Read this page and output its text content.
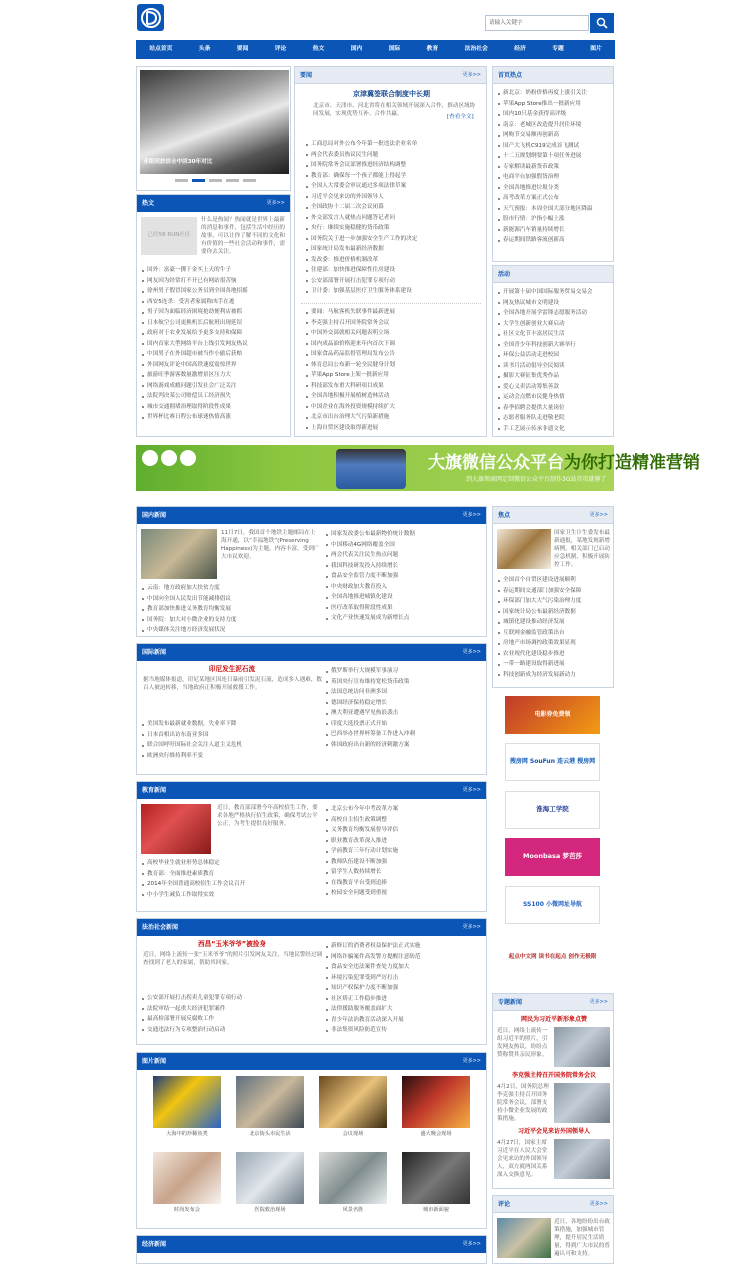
请输入关键字
站点首页	头条	要闻	评论	热文	国内	国际	教育	法治社会	经济	专题	图片
亚组同放信全中回30年对比
热文	更多>>
已经58 RUN社区
什么是热闻？热闻就是世界上最新的消息和事件，包括生活中经历的故事，可以让你了解不同的文化和有价值的一些社会活动和事件，需要你去关注。
国外：富豪一掷千金买上天的牛子
网友因为经常打不开已有网站很苦恼
徐州男子假冒国家公务员到全国各地招摇
西安5连杀：受害者家属称凶手在逃
男子因为面临经济困境抢劫便利店被抓
日本航空公司更换机长后航班出现延误
政府对于农业发展给予更多支持和保障
国内首家大型网络平台上线引发网友热议
中国男子在外国超市被当作小偷后获赔
外国网友评论中国高铁速度震惊世界
旅游旺季游客数量激增景区压力大
网络游戏成瘾问题引发社会广泛关注
法院判决某公司赔偿员工经济损失
城市交通拥堵治理取得阶段性成果
世界杯比赛日程公布球迷热情高涨
要闻	更多>>
京津冀签联合制度中长期
北京市、天津市、河北省将在相关领域开展深入合作，推动区域协同发展，实现优势互补、合作共赢。	[查看全文]
工商总局对外公布今年第一批违法企业名单
两会代表委员热议民生问题
国务院常务会议部署推进经济结构调整
教育部：确保每一个孩子都能上得起学
全国人大常委会审议通过多项法律草案
习近平会见来访的外国领导人
全国政协十二届二次会议闭幕
外交部发言人就热点问题答记者问
央行：继续实施稳健的货币政策
国务院关于进一步加强安全生产工作的决定
国家统计局发布最新经济数据
发改委：推进价格机制改革
住建部：加快推进保障性住房建设
公安部部署开展打击犯罪专项行动
卫计委：加强基层医疗卫生服务体系建设
要闻：马航客机失联事件最新进展
李克强主持召开国务院常务会议
中国外交部就相关问题表明立场
国内成品油价格迎来年内首次下调
国家食品药品监督管理局发布公告
体育总局公布新一轮全民健身计划
苹果App Store上架一批新应用
科技部发布重大科研项目成果
全国各地积极开展植树造林活动
中国企业在海外投资规模持续扩大
北京市出台治理大气污染新措施
上海自贸区建设取得新进展
首页热点
新北京：奶粉价格再度上涨引关注
苹果App Store推出一批新应用
国内10只基金获得高评级
南京：老城区改造提升居住环境
网购节交易额再创新高
国产大飞机C919完成首飞测试
十二五规划纲要第十项任务进展
专家解读最新货币政策
电商平台加强假货治理
全国各地推进垃圾分类
高考改革方案正式公布
天气预报：本周全国大部分地区降温
股市行情：沪指小幅上涨
新能源汽车销量持续增长
春运期间铁路客流创新高
活动
开展第十届中国国际服务贸易交易会
网友热议城市文明建设
全国各地开展学雷锋志愿服务活动
大学生创新创业大赛启动
社区文化节丰富居民生活
全国青少年科技创新大赛举行
环保公益活动走进校园
读书月活动倡导全民阅读
摄影大赛征集优秀作品
爱心义卖活动筹集善款
运动会点燃市民健身热情
春季招聘会提供大量岗位
志愿者服务队走进敬老院
手工艺展示传承非遗文化
大旗微信公众平台为你打造精准营销
到大旗领商网定制微信公众平台制作3G站首页就够了
国内新闻	更多>>
11月7日，我国首个地铁主题邮局在上海开通，以“幸福地铁”(Preserving Happiness)为主题，内容丰富，受到广大市民欢迎。
云南：地方政府加大扶贫力度
中国向全国人民发出节能减排倡议
教育部加快推进义务教育均衡发展
国务院：加大对小微企业的支持力度
中央媒体关注地方经济发展状况
国家发改委公布最新物价统计数据
中国移动4G网络覆盖全国
两会代表关注民生热点问题
我国科技研发投入持续增长
食品安全监管力度不断加强
中央财政加大教育投入
全国各地推进城镇化建设
医疗改革取得阶段性成果
文化产业快速发展成为新增长点
国际新闻	更多>>
印尼发生泥石流
据当地媒体报道，印尼某地区因连日暴雨引发泥石流，造成多人遇难，数百人被迫转移，当地政府正积极开展救援工作。
美国发布最新就业数据，失业率下降
日本首相出访东南亚多国
联合国呼吁国际社会关注人道主义危机
欧洲央行维持利率不变
俄罗斯举行大规模军事演习
英国央行宣布维持宽松货币政策
法国总统访问非洲多国
德国经济保持稳定增长
澳大利亚遭遇罕见热浪袭击
印度大选投票正式开始
巴西举办世界杯筹备工作进入冲刺
韩国政府出台新的经济刺激方案
教育新闻	更多>>
近日，教育部部署今年高校招生工作，要求各地严格执行招生政策，确保考试公平公正，为考生提供良好服务。
高校毕业生就业形势总体稳定
教育部：全面推进素质教育
2014年全国普通高校招生工作会议召开
中小学生减负工作取得实效
北京公布今年中考改革方案
高校自主招生政策调整
义务教育均衡发展督导评估
职业教育改革深入推进
学前教育三年行动计划实施
教师队伍建设不断加强
留学生人数持续增长
在线教育平台受到追捧
校园安全问题受到重视
法治社会新闻	更多>>
西昌“玉米爷爷”被捡身
近日，网络上流传一张“玉米爷爷”的照片引发网友关注，当地民警经过调查找到了老人的家属，帮助其回家。
公安部开展打击拐卖儿童犯罪专项行动
法院审结一起重大经济犯罪案件
最高检部署开展反腐败工作
交通违法行为专项整治行动启动
新修订的消费者权益保护法正式实施
网络诈骗案件高发警方提醒注意防范
食品安全违法案件查处力度加大
环境污染犯罪受到严厉打击
知识产权保护力度不断加强
社区矫正工作稳步推进
法律援助服务覆盖面扩大
青少年法治教育活动深入开展
非法集资风险防范宣传
图片新闻	更多>>
大海中的珍稀鱼类	北京街头市民生活	会议现场	盛大晚会现场
时尚发布会	医院救治现场	风景名胜	城市新面貌
经济新闻	更多>>
焦点	更多>>
国家卫生计生委发布最新通报，某地发现新增病例，相关部门已启动应急机制，积极开展防控工作。
全国首个自贸区建设进展顺利
春运期间交通部门加强安全保障
环保部门加大大气污染治理力度
国家统计局公布最新经济数据
城镇化建设推动经济发展
互联网金融监管政策出台
房地产市场调控政策效果显现
农业现代化建设稳步推进
一带一路建设取得新进展
科技创新成为经济发展新动力
电影券免费领
搜房网 SouFun 连云港 搜房网
淮海工学院
Moonbasa 梦芭莎
SS100 小微网址导航
起点中文网 读书在起点 创作无极限
专题新闻	更多>>
网民为习近平新形象点赞
近日，网络上流传一组习近平的照片，引发网友热议，纷纷点赞称赞其亲民形象。
李克强主持召开国务院常务会议
4月2日，国务院总理李克强主持召开国务院常务会议，部署支持小微企业发展的政策措施。
习近平会见来访外国领导人
4月27日，国家主席习近平在人民大会堂会见来访的外国领导人，双方就两国关系深入交换意见。
评论	更多>>
近日，各地纷纷出台政策措施，加强城市管理，提升居民生活质量，得到广大市民的普遍认可和支持。
